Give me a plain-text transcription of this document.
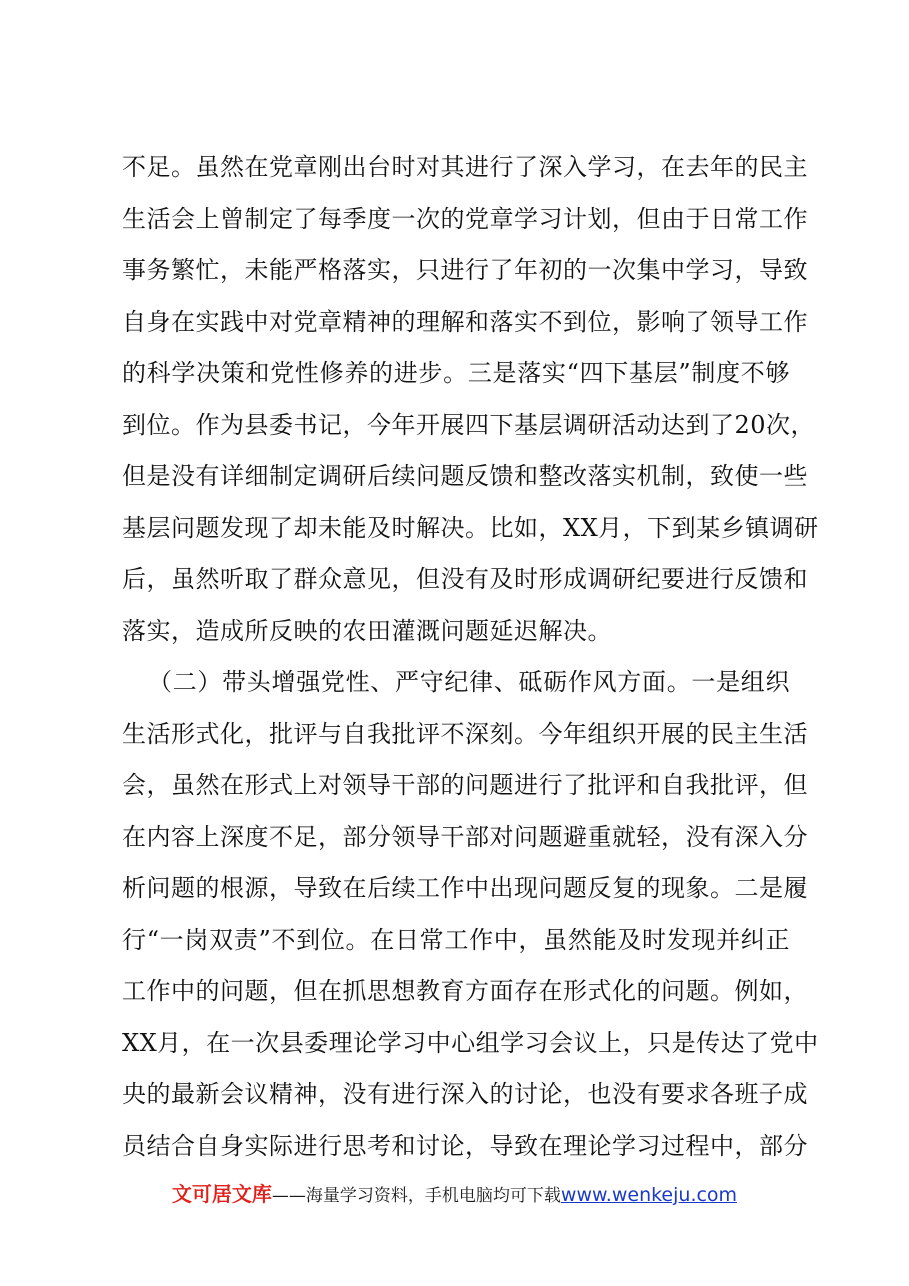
不足。虽然在党章刚出台时对其进行了深入学习，在去年的民主
生活会上曾制定了每季度一次的党章学习计划，但由于日常工作
事务繁忙，未能严格落实，只进行了年初的一次集中学习，导致
自身在实践中对党章精神的理解和落实不到位，影响了领导工作
的科学决策和党性修养的进步。三是落实“四下基层”制度不够
到位。作为县委书记，今年开展四下基层调研活动达到了20次，
但是没有详细制定调研后续问题反馈和整改落实机制，致使一些
基层问题发现了却未能及时解决。比如，XX月，下到某乡镇调研
后，虽然听取了群众意见，但没有及时形成调研纪要进行反馈和
落实，造成所反映的农田灌溉问题延迟解决。
（二）带头增强党性、严守纪律、砥砺作风方面。一是组织
生活形式化，批评与自我批评不深刻。今年组织开展的民主生活
会，虽然在形式上对领导干部的问题进行了批评和自我批评，但
在内容上深度不足，部分领导干部对问题避重就轻，没有深入分
析问题的根源，导致在后续工作中出现问题反复的现象。二是履
行“一岗双责”不到位。在日常工作中，虽然能及时发现并纠正
工作中的问题，但在抓思想教育方面存在形式化的问题。例如，
XX月，在一次县委理论学习中心组学习会议上，只是传达了党中
央的最新会议精神，没有进行深入的讨论，也没有要求各班子成
员结合自身实际进行思考和讨论，导致在理论学习过程中，部分
文可居文库——海量学习资料，手机电脑均可下载www.wenkeju.com
